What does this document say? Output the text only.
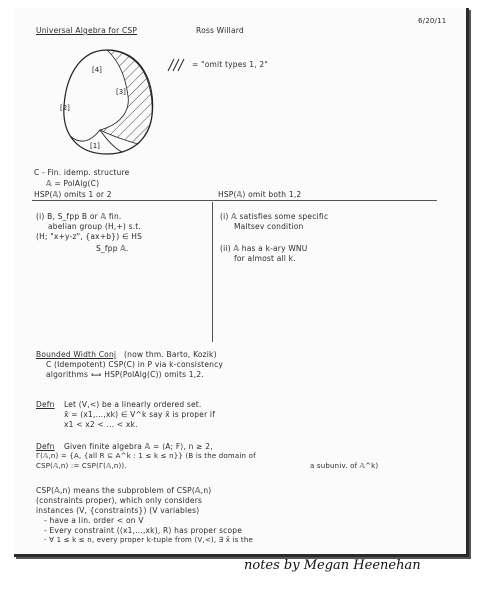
Universal Algebra for CSP	Ross Willard
6/20/11
[4]
[3]
[2]
[1]
= "omit types 1, 2"
C - Fin. idemp. structure
𝔸 = PolAlg(C)
HSP(𝔸) omits 1 or 2	HSP(𝔸) omit both 1,2
(i) B, S_fpp B or 𝔸 fin.
abelian group (H,+) s.t.
(H; "x+y-z", {ax+b}) ∈ HS
S_fpp 𝔸.
(i) 𝔸 satisfies some specific
Maltsev condition
(ii) 𝔸 has a k-ary WNU
for almost all k.
Bounded Width Conj (now thm. Barto, Kozik)
C (Idempotent) CSP(C) in P via k-consistency
algorithms ⟺ HSP(PolAlg(C)) omits 1,2.
Defn Let (V,<) be a linearly ordered set.
x̄ = (x1,...,xk) ∈ V^k say x̄ is proper if
x1 < x2 < ... < xk.
Defn Given finite algebra 𝔸 = ⟨A; F⟩, n ≥ 2,
Γ(𝔸,n) = {A, {all R ⊆ A^k : 1 ≤ k ≤ n}} (B is the domain of
CSP(𝔸,n) := CSP(Γ(𝔸,n)).	a subuniv. of 𝔸^k)
CSP(𝔸,n) means the subproblem of CSP(𝔸,n)
(constraints proper), which only considers
instances (V, {constraints}) (V variables)
- have a lin. order < on V
- Every constraint ((x1,...,xk), R) has proper scope
- ∀ 1 ≤ k ≤ n, every proper k-tuple from (V,<), ∃ x̄ is the
notes by Megan Heenehan
